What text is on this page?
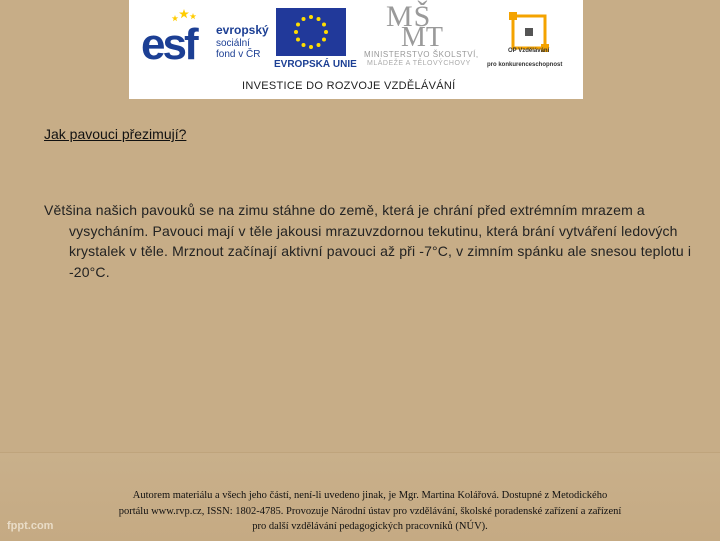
esf evropský
sociální
fond v ČR
EVROPSKÁ UNIE
MŠ
MT
MINISTERSTVO ŠKOLSTVÍ,
MLÁDEŽE A TĚLOVÝCHOVY
OP Vzdělávání
pro konkurenceschopnost
INVESTICE DO ROZVOJE VZDĚLÁVÁNÍ
Jak pavouci přezimují?
Většina našich pavouků se na zimu stáhne do země, která je chrání před extrémním mrazem a vysycháním. Pavouci mají v těle jakousi mrazuvzdornou tekutinu, která brání vytváření ledových krystalek v těle. Mrznout začínají aktivní pavouci až při -7°C, v zimním spánku ale snesou teplotu i -20°C.
Autorem materiálu a všech jeho částí, není-li uvedeno jinak, je Mgr. Martina Kolářová. Dostupné z Metodického
portálu www.rvp.cz, ISSN: 1802-4785. Provozuje Národní ústav pro vzdělávání, školské poradenské zařízení a zařízení
pro další vzdělávání pedagogických pracovníků (NÚV).
fppt.com
